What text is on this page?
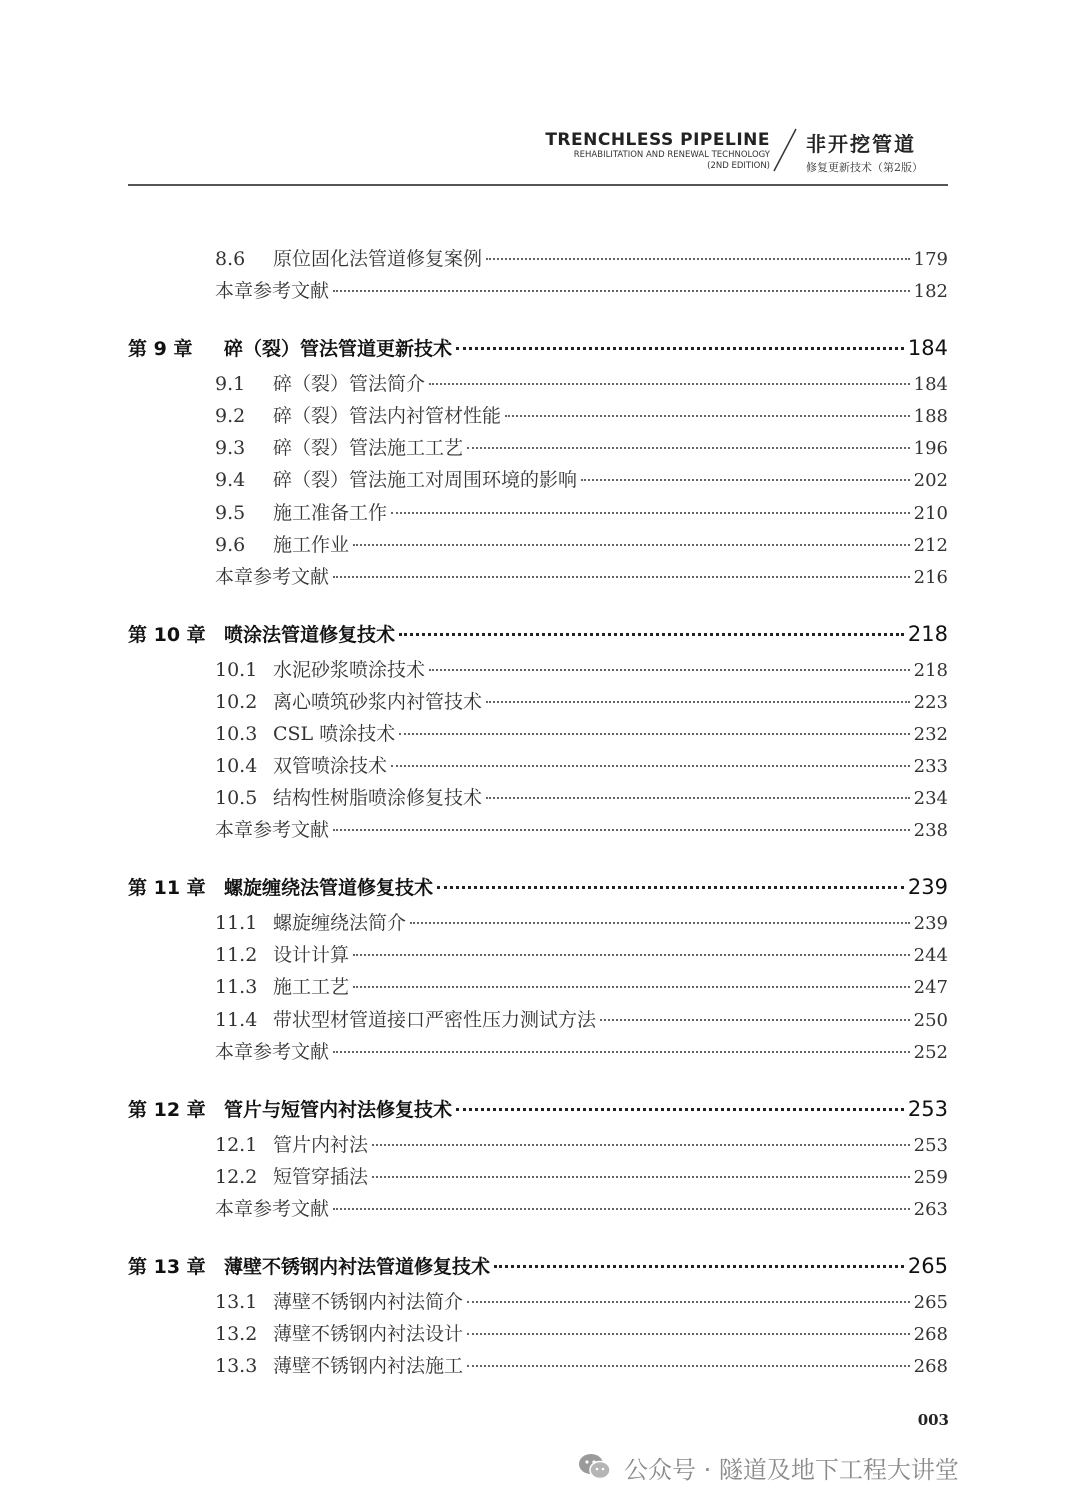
TRENCHLESS PIPELINE
REHABILITATION AND RENEWAL TECHNOLOGY
(2ND EDITION)
非开挖管道
修复更新技术（第2版）
8.6	原位固化法管道修复案例	179
本章参考文献	182
第 9 章	碎（裂）管法管道更新技术	184
9.1	碎（裂）管法简介	184
9.2	碎（裂）管法内衬管材性能	188
9.3	碎（裂）管法施工工艺	196
9.4	碎（裂）管法施工对周围环境的影响	202
9.5	施工准备工作	210
9.6	施工作业	212
本章参考文献	216
第 10 章 喷涂法管道修复技术	218
10.1 水泥砂浆喷涂技术	218
10.2 离心喷筑砂浆内衬管技术	223
10.3 CSL 喷涂技术	232
10.4 双管喷涂技术	233
10.5 结构性树脂喷涂修复技术	234
本章参考文献	238
第 11 章 螺旋缠绕法管道修复技术	239
11.1 螺旋缠绕法简介	239
11.2 设计计算	244
11.3 施工工艺	247
11.4 带状型材管道接口严密性压力测试方法	250
本章参考文献	252
第 12 章 管片与短管内衬法修复技术	253
12.1 管片内衬法	253
12.2 短管穿插法	259
本章参考文献	263
第 13 章 薄壁不锈钢内衬法管道修复技术	265
13.1 薄壁不锈钢内衬法简介	265
13.2 薄壁不锈钢内衬法设计	268
13.3 薄壁不锈钢内衬法施工	268
003
公众号 · 隧道及地下工程大讲堂
